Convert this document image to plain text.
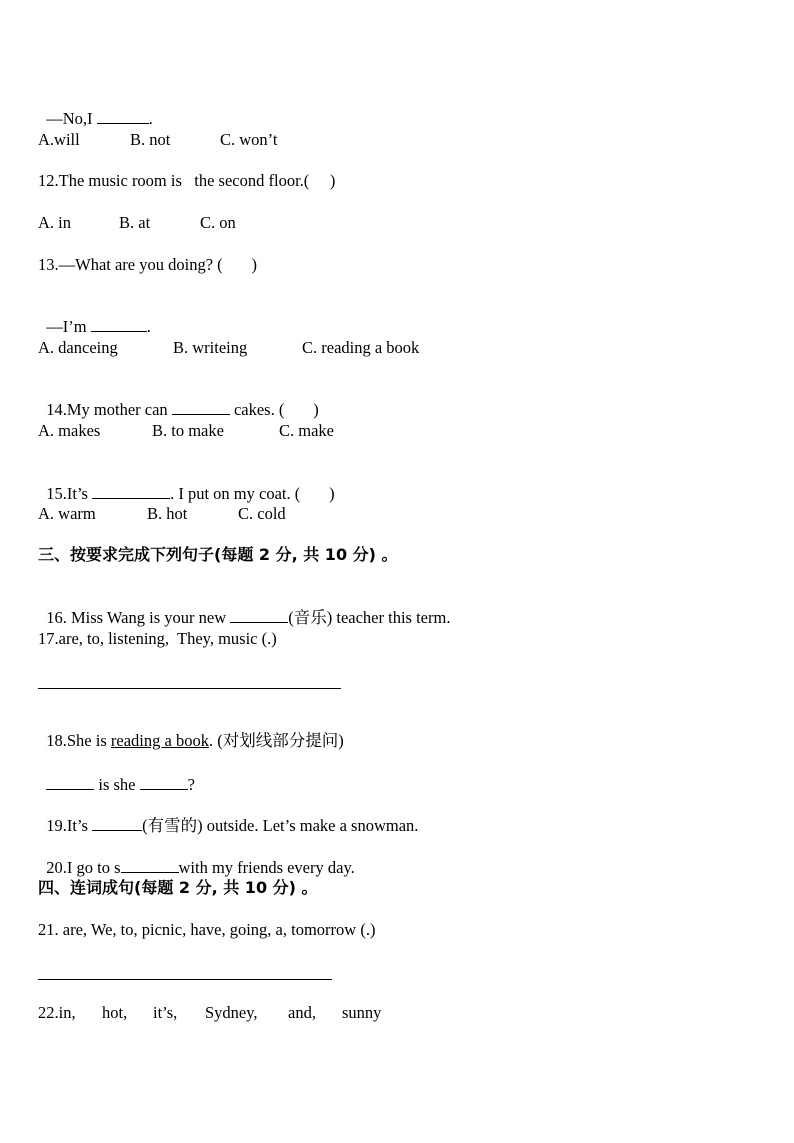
—No,I	.

A.will

	B. not

	C. won’t

12.The music room is   the second floor.(     )

A. in

	B. at

	C. on

13.—What are you doing? (       )

—I’m	.

A. danceing

	B. writeing

	C. reading a book

14.My mother can	cakes. (       )

A. makes

	B. to make

	C. make

15.It’s	. I put on my coat. (       )

A. warm

	B. hot

	C. cold

三、按要求完成下列句子(每题 2 分, 共 10 分) 。

16. Miss Wang is your new	(音乐) teacher this term.

17.are, to, listening,  They, music (.)

18.She is reading a book. (对划线部分提问)

is she	?

19.It’s	(有雪的) outside. Let’s make a snowman.

20.I go to s	with my friends every day.

四、连词成句(每题 2 分, 共 10 分) 。
21. are, We, to, picnic, have, going, a, tomorrow (.)

22.in,

hot,

it’s,

Sydney,

and,

sunny
